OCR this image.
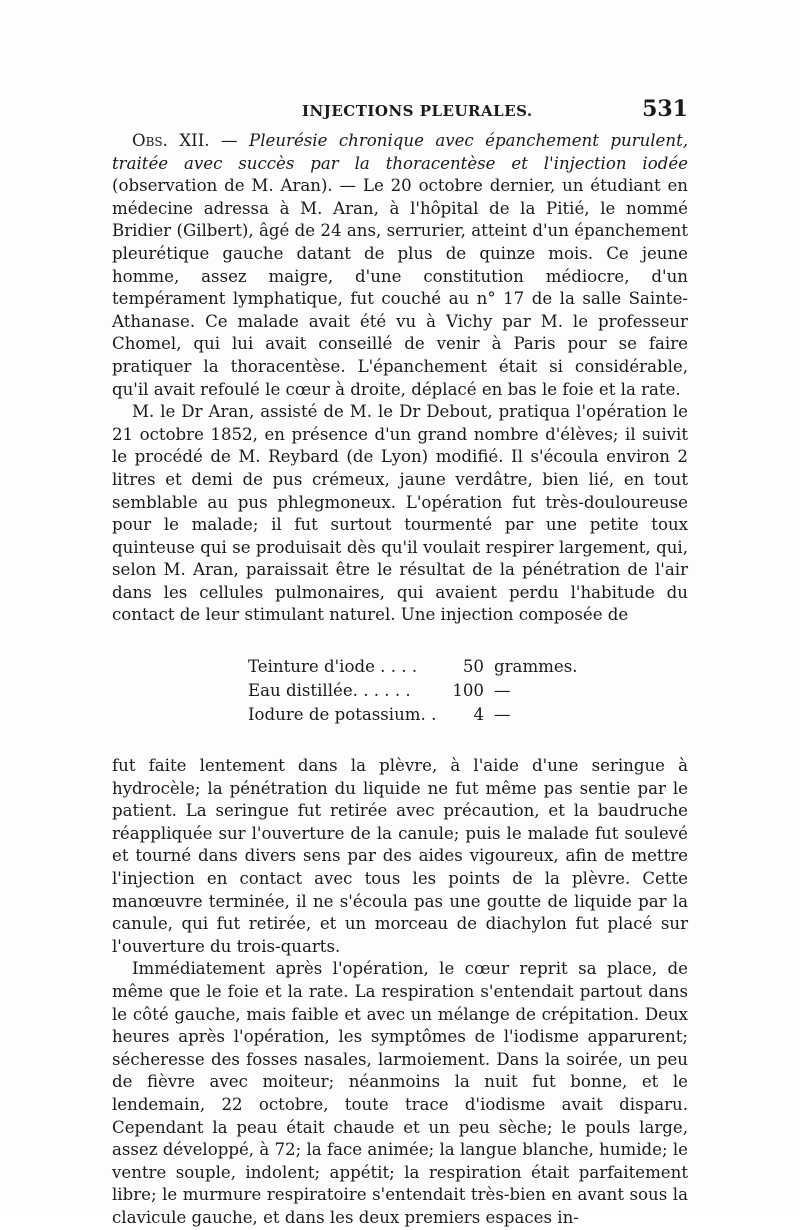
INJECTIONS PLEURALES.	531

Obs. XII. — Pleurésie chronique avec épanchement purulent, traitée avec succès par la thoracentèse et l'injection iodée (observation de M. Aran). — Le 20 octobre dernier, un étudiant en médecine adressa à M. Aran, à l'hôpital de la Pitié, le nommé Bridier (Gilbert), âgé de 24 ans, serrurier, atteint d'un épanchement pleurétique gauche datant de plus de quinze mois. Ce jeune homme, assez maigre, d'une constitution médiocre, d'un tempérament lymphatique, fut couché au n° 17 de la salle Sainte-Athanase. Ce malade avait été vu à Vichy par M. le professeur Chomel, qui lui avait conseillé de venir à Paris pour se faire pratiquer la thoracentèse. L'épanchement était si considérable, qu'il avait refoulé le cœur à droite, déplacé en bas le foie et la rate.

M. le Dr Aran, assisté de M. le Dr Debout, pratiqua l'opération le 21 octobre 1852, en présence d'un grand nombre d'élèves; il suivit le procédé de M. Reybard (de Lyon) modifié. Il s'écoula environ 2 litres et demi de pus crémeux, jaune verdâtre, bien lié, en tout semblable au pus phlegmoneux. L'opération fut très-douloureuse pour le malade; il fut surtout tourmenté par une petite toux quinteuse qui se produisait dès qu'il voulait respirer largement, qui, selon M. Aran, paraissait être le résultat de la pénétration de l'air dans les cellules pulmonaires, qui avaient perdu l'habitude du contact de leur stimulant naturel. Une injection composée de

Teinture d'iode . . . .	50 grammes.
Eau distillée. . . . . .	100 —
Iodure de potassium. .	4 —

fut faite lentement dans la plèvre, à l'aide d'une seringue à hydrocèle; la pénétration du liquide ne fut même pas sentie par le patient. La seringue fut retirée avec précaution, et la baudruche réappliquée sur l'ouverture de la canule; puis le malade fut soulevé et tourné dans divers sens par des aides vigoureux, afin de mettre l'injection en contact avec tous les points de la plèvre. Cette manœuvre terminée, il ne s'écoula pas une goutte de liquide par la canule, qui fut retirée, et un morceau de diachylon fut placé sur l'ouverture du trois-quarts.

Immédiatement après l'opération, le cœur reprit sa place, de même que le foie et la rate. La respiration s'entendait partout dans le côté gauche, mais faible et avec un mélange de crépitation. Deux heures après l'opération, les symptômes de l'iodisme apparurent; sécheresse des fosses nasales, larmoiement. Dans la soirée, un peu de fièvre avec moiteur; néanmoins la nuit fut bonne, et le lendemain, 22 octobre, toute trace d'iodisme avait disparu. Cependant la peau était chaude et un peu sèche; le pouls large, assez développé, à 72; la face animée; la langue blanche, humide; le ventre souple, indolent; appétit; la respiration était parfaitement libre; le murmure respiratoire s'entendait très-bien en avant sous la clavicule gauche, et dans les deux premiers espaces in-
